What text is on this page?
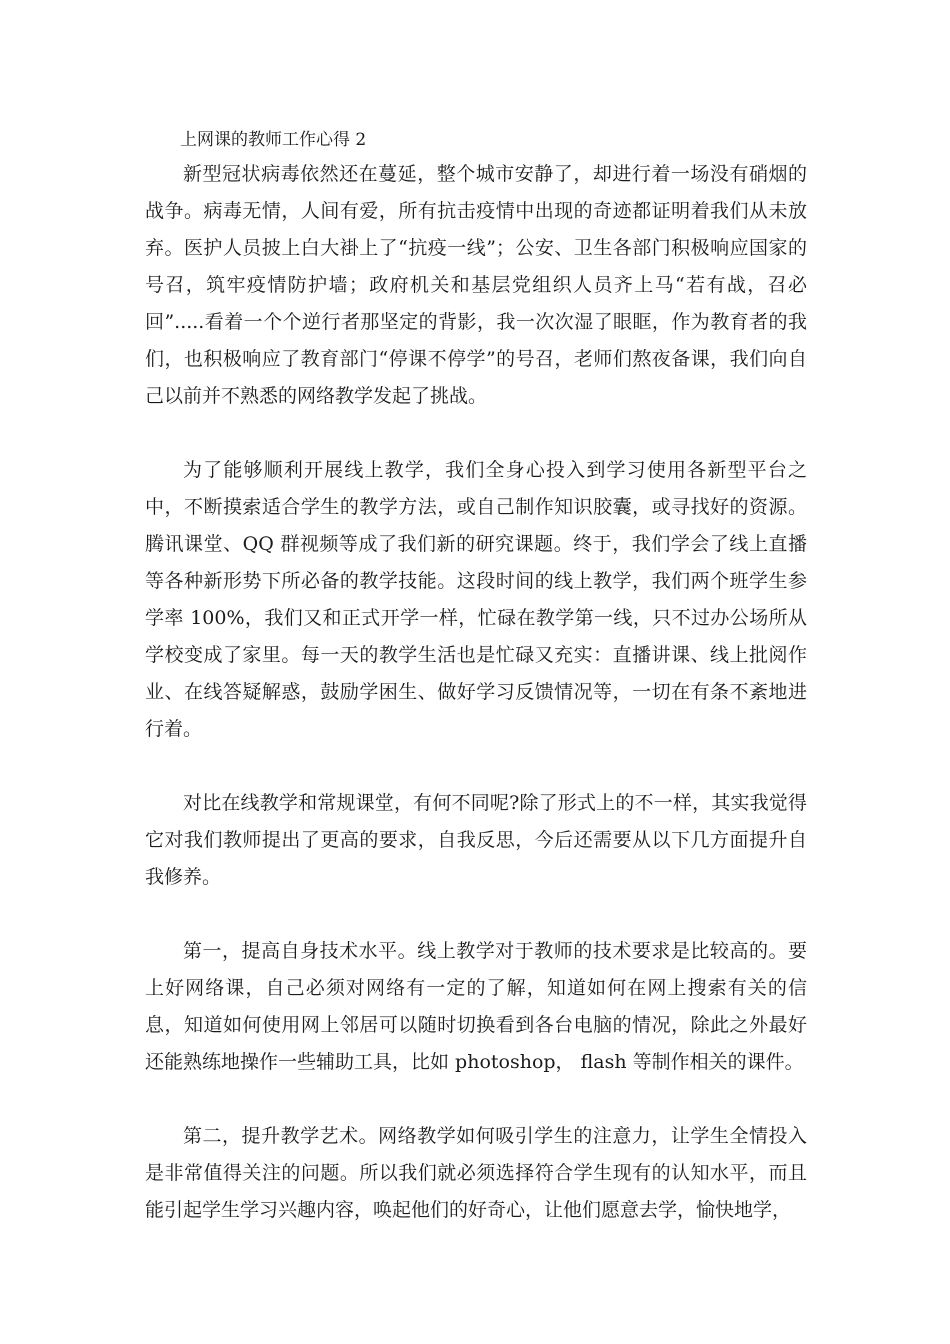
上网课的教师工作心得 2

新型冠状病毒依然还在蔓延，整个城市安静了，却进行着一场没有硝烟的战争。病毒无情，人间有爱，所有抗击疫情中出现的奇迹都证明着我们从未放弃。医护人员披上白大褂上了“抗疫一线”；公安、卫生各部门积极响应国家的号召，筑牢疫情防护墙；政府机关和基层党组织人员齐上马“若有战，召必回”.....看着一个个逆行者那坚定的背影，我一次次湿了眼眶，作为教育者的我们，也积极响应了教育部门“停课不停学”的号召，老师们熬夜备课，我们向自己以前并不熟悉的网络教学发起了挑战。

为了能够顺利开展线上教学，我们全身心投入到学习使用各新型平台之中，不断摸索适合学生的教学方法，或自己制作知识胶囊，或寻找好的资源。腾讯课堂、QQ 群视频等成了我们新的研究课题。终于，我们学会了线上直播等各种新形势下所必备的教学技能。这段时间的线上教学，我们两个班学生参学率 100%，我们又和正式开学一样，忙碌在教学第一线，只不过办公场所从学校变成了家里。每一天的教学生活也是忙碌又充实：直播讲课、线上批阅作业、在线答疑解惑，鼓励学困生、做好学习反馈情况等，一切在有条不紊地进行着。

对比在线教学和常规课堂，有何不同呢?除了形式上的不一样，其实我觉得它对我们教师提出了更高的要求，自我反思，今后还需要从以下几方面提升自我修养。

第一，提高自身技术水平。线上教学对于教师的技术要求是比较高的。要上好网络课，自己必须对网络有一定的了解，知道如何在网上搜索有关的信息，知道如何使用网上邻居可以随时切换看到各台电脑的情况，除此之外最好还能熟练地操作一些辅助工具，比如 photoshop， flash 等制作相关的课件。

第二，提升教学艺术。网络教学如何吸引学生的注意力，让学生全情投入是非常值得关注的问题。所以我们就必须选择符合学生现有的认知水平，而且能引起学生学习兴趣内容，唤起他们的好奇心，让他们愿意去学，愉快地学，
